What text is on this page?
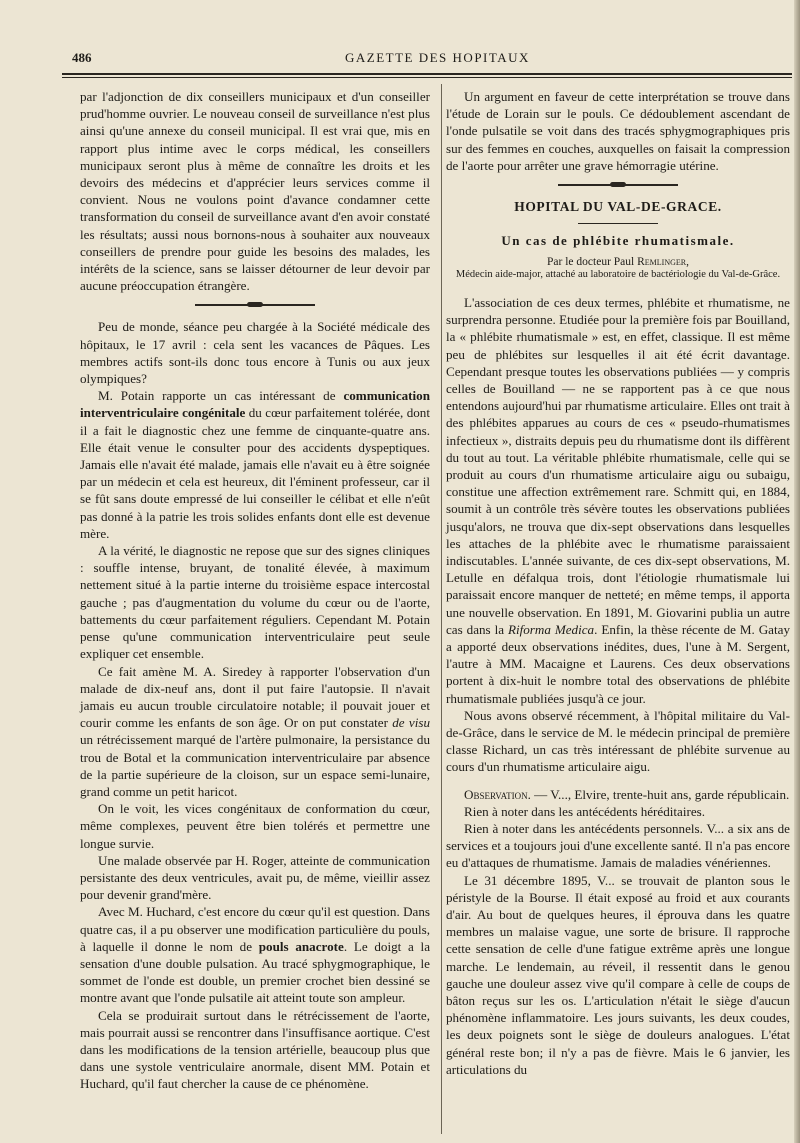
486	GAZETTE DES HOPITAUX

par l'adjonction de dix conseillers municipaux et d'un conseiller prud'homme ouvrier. Le nouveau conseil de surveillance n'est plus ainsi qu'une annexe du conseil municipal. Il est vrai que, mis en rapport plus intime avec le corps médical, les conseillers municipaux seront plus à même de connaître les droits et les devoirs des médecins et d'apprécier leurs services comme il convient. Nous ne voulons point d'avance condamner cette transformation du conseil de surveillance avant d'en avoir constaté les résultats; aussi nous bornons-nous à souhaiter aux nouveaux conseillers de prendre pour guide les besoins des malades, les intérêts de la science, sans se laisser détourner de leur devoir par aucune préoccupation étrangère.

Peu de monde, séance peu chargée à la Société médicale des hôpitaux, le 17 avril : cela sent les vacances de Pâques. Les membres actifs sont-ils donc tous encore à Tunis ou aux jeux olympiques?

M. Potain rapporte un cas intéressant de communication interventriculaire congénitale du cœur parfaitement tolérée, dont il a fait le diagnostic chez une femme de cinquante-quatre ans. Elle était venue le consulter pour des accidents dyspeptiques. Jamais elle n'avait été malade, jamais elle n'avait eu à être soignée par un médecin et cela est heureux, dit l'éminent professeur, car il se fût sans doute empressé de lui conseiller le célibat et elle n'eût pas donné à la patrie les trois solides enfants dont elle est devenue mère.

A la vérité, le diagnostic ne repose que sur des signes cliniques : souffle intense, bruyant, de tonalité élevée, à maximum nettement situé à la partie interne du troisième espace intercostal gauche ; pas d'augmentation du volume du cœur ou de l'aorte, battements du cœur parfaitement réguliers. Cependant M. Potain pense qu'une communication interventriculaire peut seule expliquer cet ensemble.

Ce fait amène M. A. Siredey à rapporter l'observation d'un malade de dix-neuf ans, dont il put faire l'autopsie. Il n'avait jamais eu aucun trouble circulatoire notable; il pouvait jouer et courir comme les enfants de son âge. Or on put constater de visu un rétrécissement marqué de l'artère pulmonaire, la persistance du trou de Botal et la communication interventriculaire par absence de la partie supérieure de la cloison, sur un espace semi-lunaire, grand comme un petit haricot.

On le voit, les vices congénitaux de conformation du cœur, même complexes, peuvent être bien tolérés et permettre une longue survie.

Une malade observée par H. Roger, atteinte de communication persistante des deux ventricules, avait pu, de même, vieillir assez pour devenir grand'mère.

Avec M. Huchard, c'est encore du cœur qu'il est question. Dans quatre cas, il a pu observer une modification particulière du pouls, à laquelle il donne le nom de pouls anacrote. Le doigt a la sensation d'une double pulsation. Au tracé sphygmographique, le sommet de l'onde est double, un premier crochet bien dessiné se montre avant que l'onde pulsatile ait atteint toute son ampleur.

Cela se produirait surtout dans le rétrécissement de l'aorte, mais pourrait aussi se rencontrer dans l'insuffisance aortique. C'est dans les modifications de la tension artérielle, beaucoup plus que dans une systole ventriculaire anormale, disent MM. Potain et Huchard, qu'il faut chercher la cause de ce phénomène.

Un argument en faveur de cette interprétation se trouve dans l'étude de Lorain sur le pouls. Ce dédoublement ascendant de l'onde pulsatile se voit dans des tracés sphygmographiques pris sur des femmes en couches, auxquelles on faisait la compression de l'aorte pour arrêter une grave hémorragie utérine.

HOPITAL DU VAL-DE-GRACE.
Un cas de phlébite rhumatismale.
Par le docteur Paul Remlinger,
Médecin aide-major, attaché au laboratoire de bactériologie du Val-de-Grâce.

L'association de ces deux termes, phlébite et rhumatisme, ne surprendra personne. Etudiée pour la première fois par Bouilland, la « phlébite rhumatismale » est, en effet, classique. Il est même peu de phlébites sur lesquelles il ait été écrit davantage. Cependant presque toutes les observations publiées — y compris celles de Bouilland — ne se rapportent pas à ce que nous entendons aujourd'hui par rhumatisme articulaire. Elles ont trait à des phlébites apparues au cours de ces « pseudo-rhumatismes infectieux », distraits depuis peu du rhumatisme dont ils diffèrent du tout au tout. La véritable phlébite rhumatismale, celle qui se produit au cours d'un rhumatisme articulaire aigu ou subaigu, constitue une affection extrêmement rare. Schmitt qui, en 1884, soumit à un contrôle très sévère toutes les observations publiées jusqu'alors, ne trouva que dix-sept observations dans lesquelles les attaches de la phlébite avec le rhumatisme paraissaient indiscutables. L'année suivante, de ces dix-sept observations, M. Letulle en défalqua trois, dont l'étiologie rhumatismale lui paraissait encore manquer de netteté; en même temps, il apporta une nouvelle observation. En 1891, M. Giovarini publia un autre cas dans la Riforma Medica. Enfin, la thèse récente de M. Gatay a apporté deux observations inédites, dues, l'une à M. Sergent, l'autre à MM. Macaigne et Laurens. Ces deux observations portent à dix-huit le nombre total des observations de phlébite rhumatismale publiées jusqu'à ce jour.

Nous avons observé récemment, à l'hôpital militaire du Val-de-Grâce, dans le service de M. le médecin principal de première classe Richard, un cas très intéressant de phlébite survenue au cours d'un rhumatisme articulaire aigu.

Observation. — V..., Elvire, trente-huit ans, garde républicain.

Rien à noter dans les antécédents héréditaires.

Rien à noter dans les antécédents personnels. V... a six ans de services et a toujours joui d'une excellente santé. Il n'a pas encore eu d'attaques de rhumatisme. Jamais de maladies vénériennes.

Le 31 décembre 1895, V... se trouvait de planton sous le péristyle de la Bourse. Il était exposé au froid et aux courants d'air. Au bout de quelques heures, il éprouva dans les quatre membres un malaise vague, une sorte de brisure. Il rapproche cette sensation de celle d'une fatigue extrême après une longue marche. Le lendemain, au réveil, il ressentit dans le genou gauche une douleur assez vive qu'il compare à celle de coups de bâton reçus sur les os. L'articulation n'était le siège d'aucun phénomène inflammatoire. Les jours suivants, les deux coudes, les deux poignets sont le siège de douleurs analogues. L'état général reste bon; il n'y a pas de fièvre. Mais le 6 janvier, les articulations du
